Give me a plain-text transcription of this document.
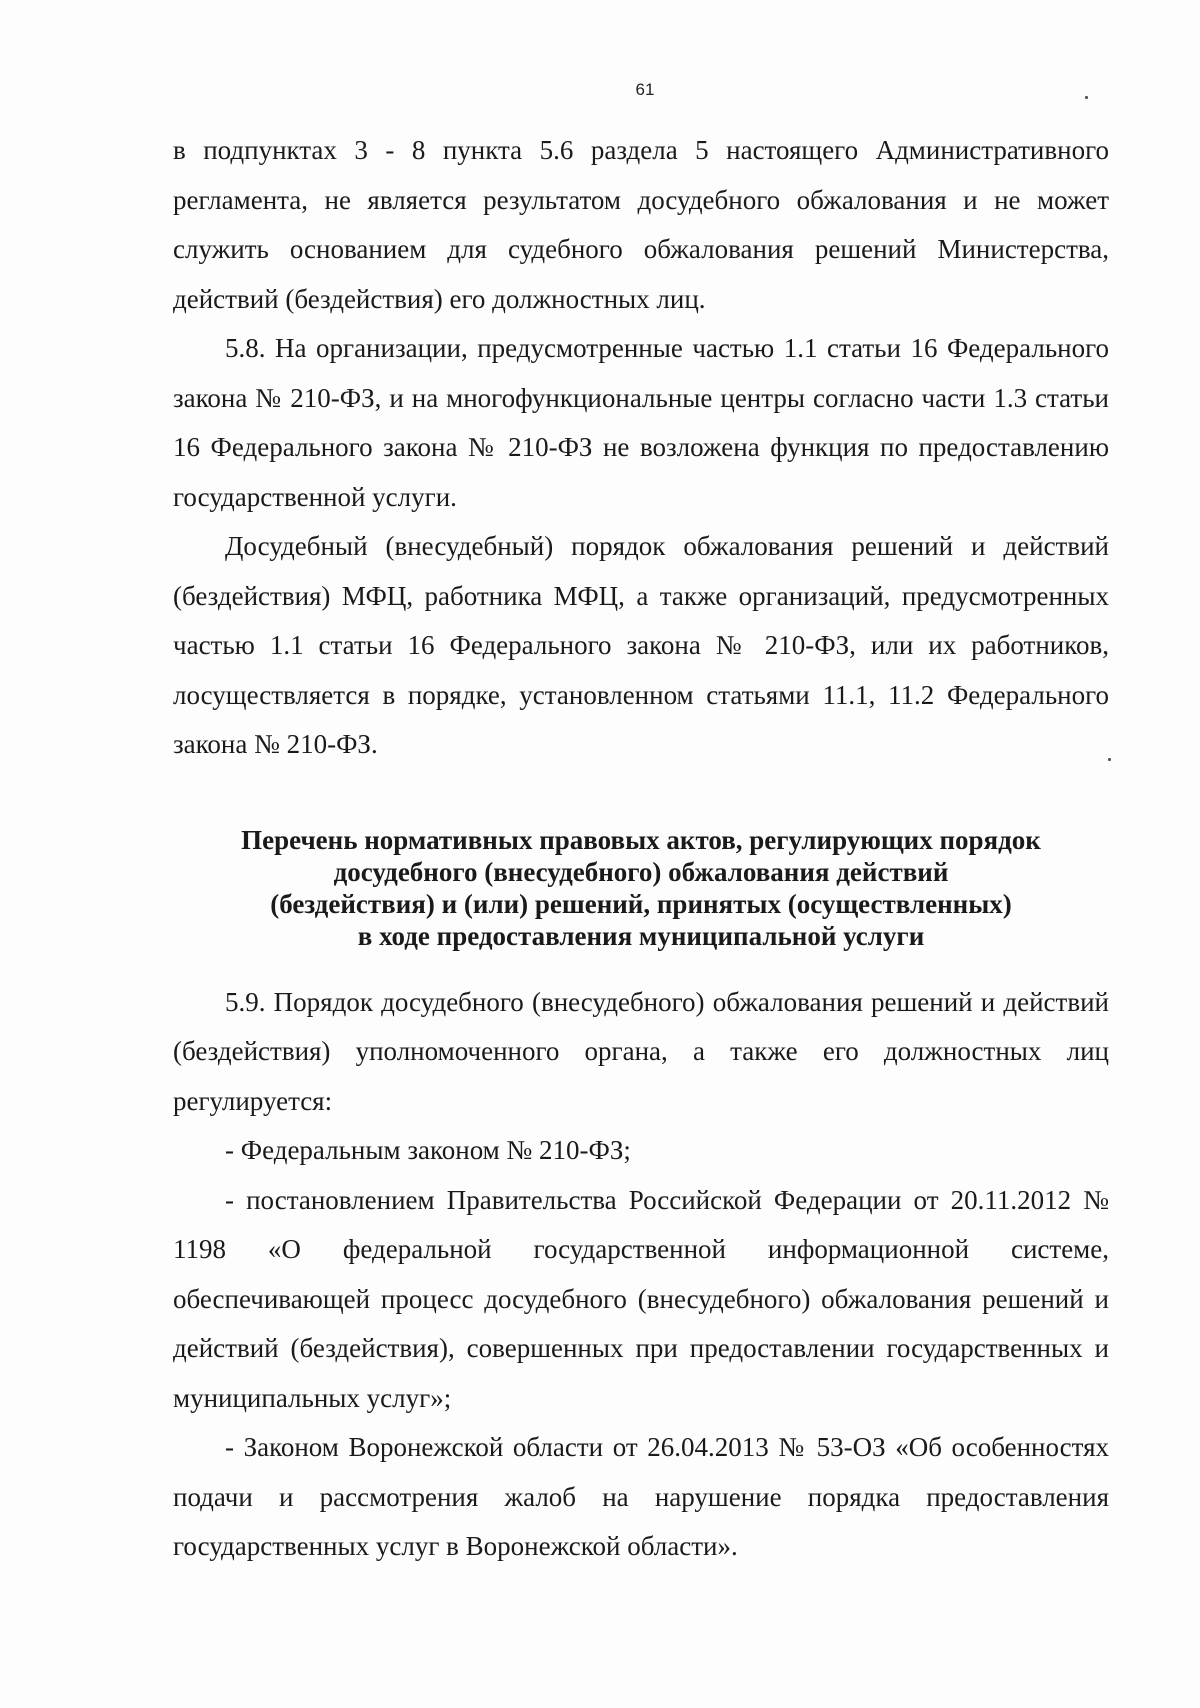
61

в подпунктах 3 - 8 пункта 5.6 раздела 5 настоящего Административного регламента, не является результатом досудебного обжалования и не может служить основанием для судебного обжалования решений Министерства, действий (бездействия) его должностных лиц.

5.8. На организации, предусмотренные частью 1.1 статьи 16 Федерального закона № 210-ФЗ, и на многофункциональные центры согласно части 1.3 статьи 16 Федерального закона № 210-ФЗ не возложена функция по предоставлению государственной услуги.

Досудебный (внесудебный) порядок обжалования решений и действий (бездействия) МФЦ, работника МФЦ, а также организаций, предусмотренных частью 1.1 статьи 16 Федерального закона № 210-ФЗ, или их работников, лосуществляется в порядке, установленном статьями 11.1, 11.2 Федерального закона № 210-ФЗ.

Перечень нормативных правовых актов, регулирующих порядок
досудебного (внесудебного) обжалования действий
(бездействия) и (или) решений, принятых (осуществленных)
в ходе предоставления муниципальной услуги

5.9. Порядок досудебного (внесудебного) обжалования решений и действий (бездействия) уполномоченного органа, а также его должностных лиц регулируется:

- Федеральным законом № 210-ФЗ;

- постановлением Правительства Российской Федерации от 20.11.2012 № 1198 «О федеральной государственной информационной системе, обеспечивающей процесс досудебного (внесудебного) обжалования решений и действий (бездействия), совершенных при предоставлении государственных и муниципальных услуг»;

- Законом Воронежской области от 26.04.2013 № 53-ОЗ «Об особенностях подачи и рассмотрения жалоб на нарушение порядка предоставления государственных услуг в Воронежской области».
